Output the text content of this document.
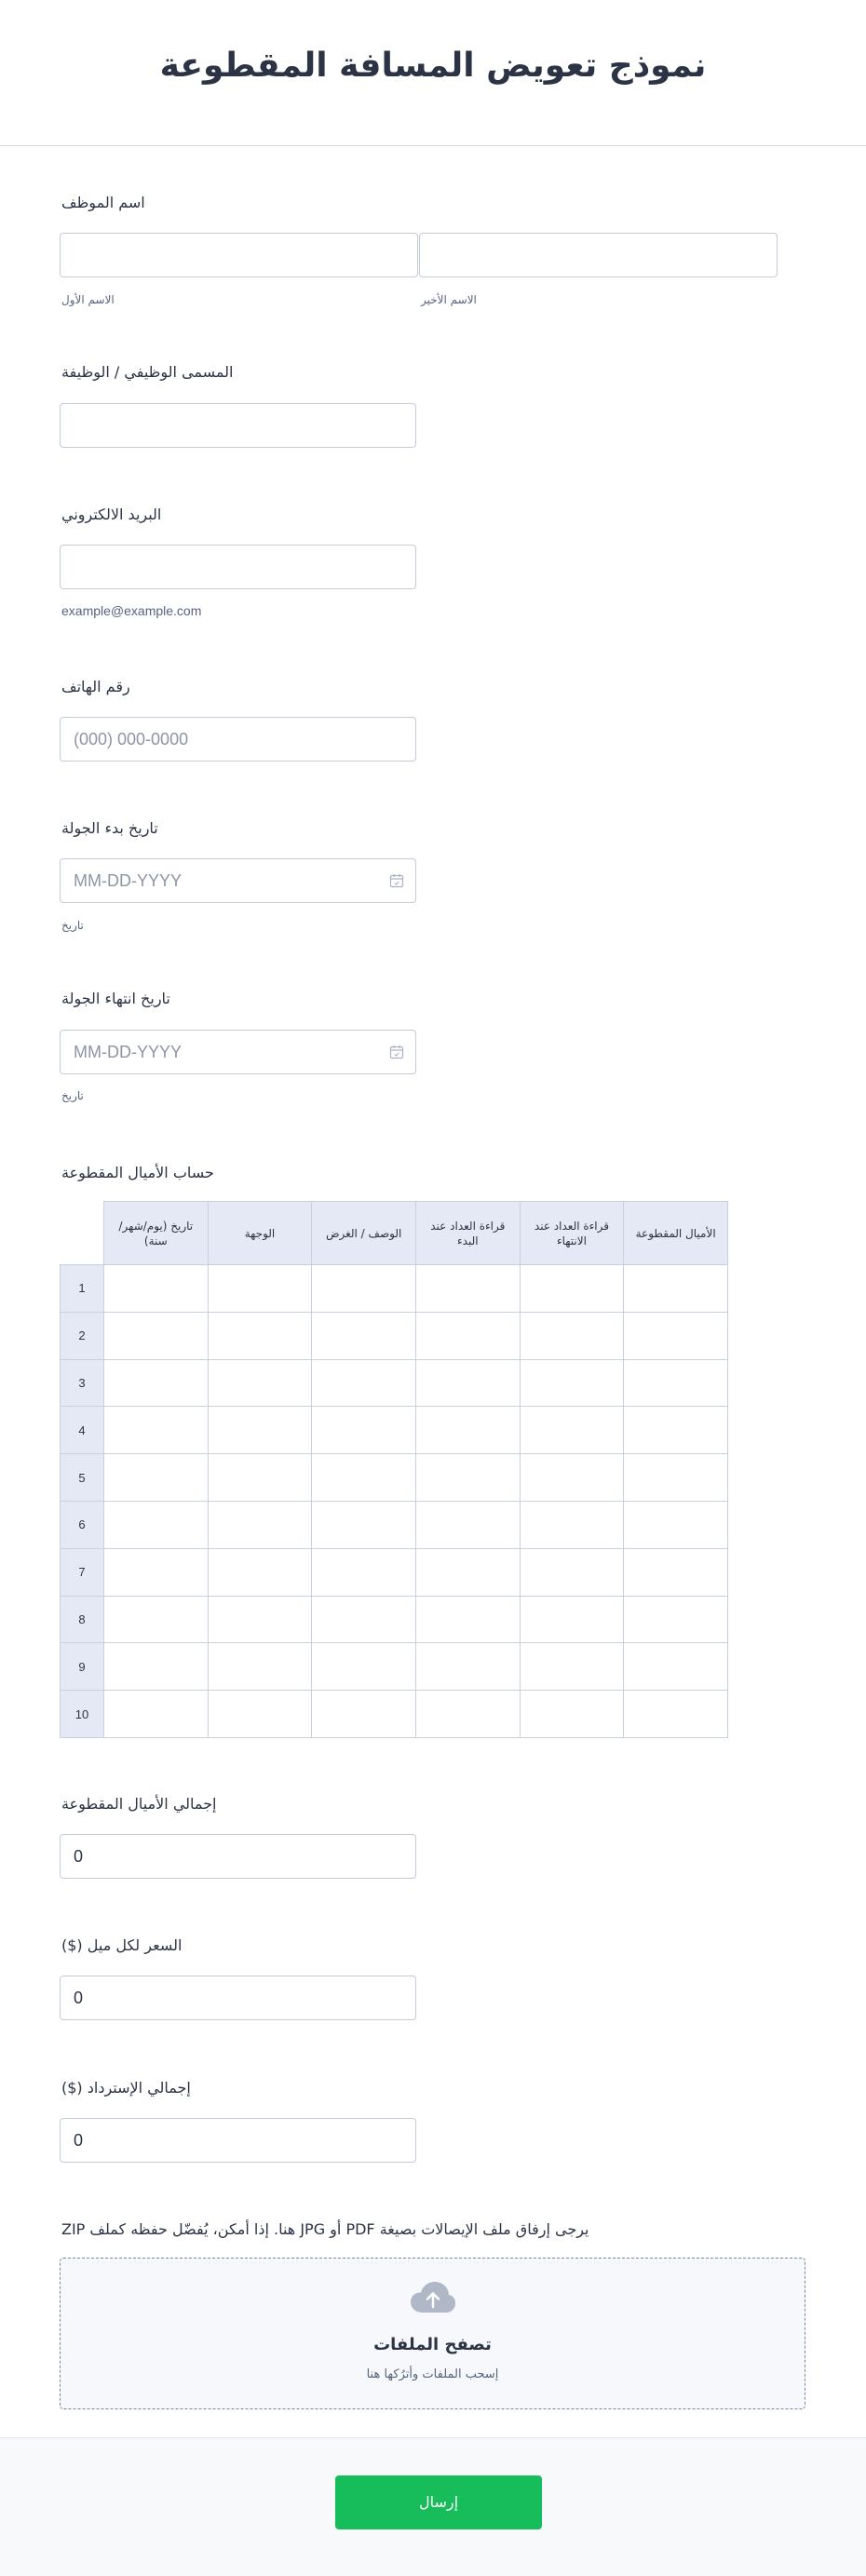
نموذج تعويض المسافة المقطوعة
اسم الموظف
الاسم الأول	الاسم الأخير
المسمى الوظيفي / الوظيفة
البريد الالكتروني
example@example.com
رقم الهاتف
(000) 000-0000
تاريخ بدء الجولة
MM-DD-YYYY
تاريخ
تاريخ انتهاء الجولة
MM-DD-YYYY
تاريخ
حساب الأميال المقطوعة
	تاريخ (يوم/شهر/سنة)	الوجهة	الوصف / الغرض	قراءة العداد عند البدء	قراءة العداد عند الانتهاء	الأميال المقطوعة
1						
2						
3						
4						
5						
6						
7						
8						
9						
10						
إجمالي الأميال المقطوعة
0
السعر لكل ميل ($)
0
إجمالي الإسترداد ($)
0
يرجى إرفاق ملف الإيصالات بصيغة PDF أو JPG هنا. إذا أمكن، يُفضّل حفظه كملف ZIP
تصفح الملفات
إسحب الملفات وأترُكها هنا
إرسال
